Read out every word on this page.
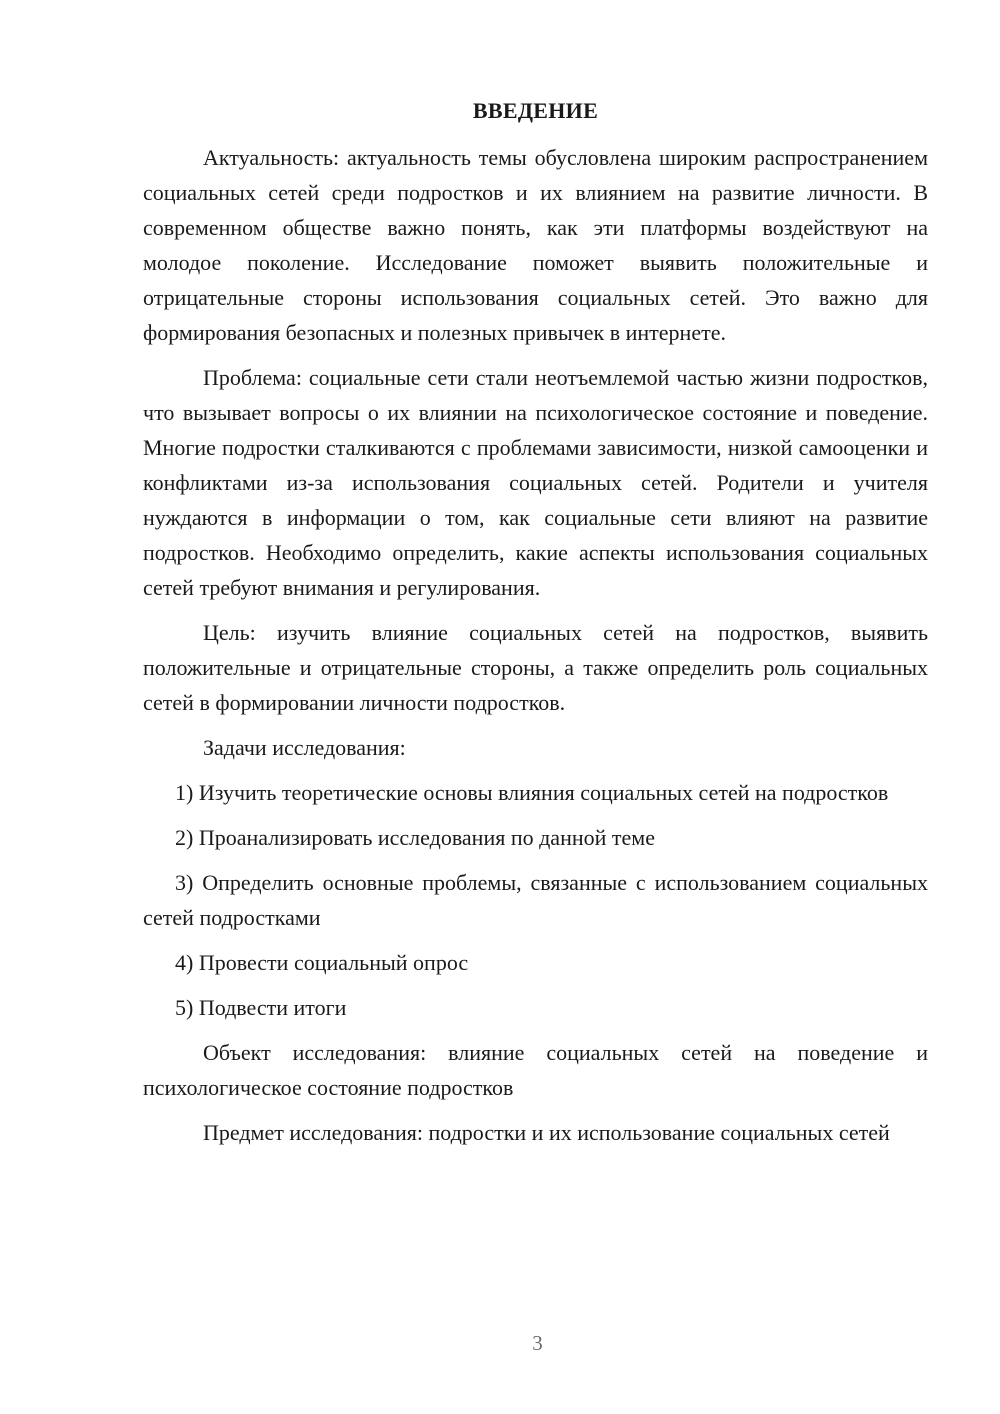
ВВЕДЕНИЕ

Актуальность: актуальность темы обусловлена широким распространением социальных сетей среди подростков и их влиянием на развитие личности. В современном обществе важно понять, как эти платформы воздействуют на молодое поколение. Исследование поможет выявить положительные и отрицательные стороны использования социальных сетей. Это важно для формирования безопасных и полезных привычек в интернете.

Проблема: социальные сети стали неотъемлемой частью жизни подростков, что вызывает вопросы о их влиянии на психологическое состояние и поведение. Многие подростки сталкиваются с проблемами зависимости, низкой самооценки и конфликтами из-за использования социальных сетей. Родители и учителя нуждаются в информации о том, как социальные сети влияют на развитие подростков. Необходимо определить, какие аспекты использования социальных сетей требуют внимания и регулирования.

Цель: изучить влияние социальных сетей на подростков, выявить положительные и отрицательные стороны, а также определить роль социальных сетей в формировании личности подростков.

Задачи исследования:

1) Изучить теоретические основы влияния социальных сетей на подростков

2) Проанализировать исследования по данной теме

3) Определить основные проблемы, связанные с использованием социальных сетей подростками

4) Провести социальный опрос

5) Подвести итоги

Объект исследования: влияние социальных сетей на поведение и психологическое состояние подростков

Предмет исследования: подростки и их использование социальных сетей

3
